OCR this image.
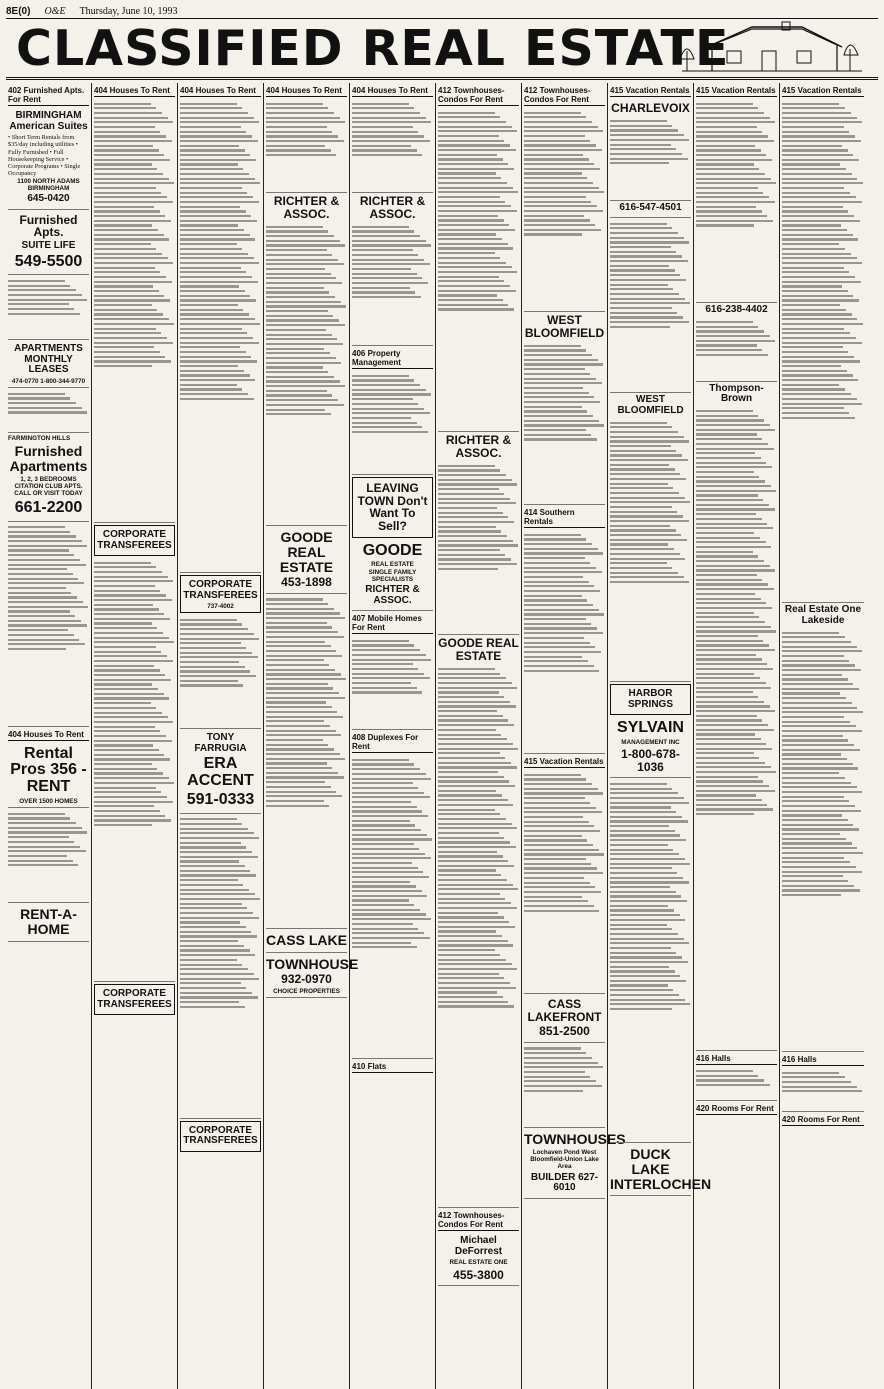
8E(0) O&E Thursday, June 10, 1993
CLASSIFIED REAL ESTATE
402 Furnished Apts. For Rent
BIRMINGHAM American Suites

• Short Term Rentals from $35/day including utilities • Fully Furnished • Full Housekeeping Service • Corporate Programs • Single Occupancy

1100 NORTH ADAMS BIRMINGHAM
645-0420
Furnished Apts.
SUITE LIFE
549-5500
APARTMENTS MONTHLY LEASES
474-0770 1-800-344-9770
FARMINGTON HILLS
Furnished Apartments
1, 2, 3 BEDROOMS
CITATION CLUB APTS. CALL OR VISIT TODAY
661-2200
404 Houses To Rent
Rental Pros 356 - RENT
OVER 1500 HOMES
RENT-A-HOME
404 Houses To Rent
CORPORATE TRANSFEREES
CORPORATE TRANSFEREES
404 Houses To Rent
CORPORATE TRANSFEREES
737-4002
TONY FARRUGIA
ERA ACCENT
591-0333
CORPORATE TRANSFEREES
404 Houses To Rent
RICHTER & ASSOC.
GOODE REAL ESTATE
453-1898
CASS LAKE
TOWNHOUSE
932-0970
CHOICE PROPERTIES
404 Houses To Rent
RICHTER & ASSOC.
406 Property Management
LEAVING TOWN Don't Want To Sell?
GOODE
REAL ESTATE
SINGLE FAMILY SPECIALISTS
RICHTER & ASSOC.
407 Mobile Homes For Rent
408 Duplexes For Rent
410 Flats
412 Townhouses-Condos For Rent
RICHTER & ASSOC.
GOODE REAL ESTATE
412 Townhouses-Condos For Rent
Michael DeForrest
REAL ESTATE ONE
455-3800
412 Townhouses-Condos For Rent
WEST BLOOMFIELD
414 Southern Rentals
415 Vacation Rentals
CASS LAKEFRONT
851-2500
TOWNHOUSES
Lochaven Pond West Bloomfield-Union Lake Area
BUILDER 627-6010
415 Vacation Rentals
CHARLEVOIX
616-547-4501
WEST BLOOMFIELD
HARBOR SPRINGS
SYLVAIN
MANAGEMENT INC
1-800-678-1036
DUCK LAKE INTERLOCHEN
415 Vacation Rentals
616-238-4402
Thompson-Brown
416 Halls
420 Rooms For Rent
415 Vacation Rentals
Real Estate One Lakeside
416 Halls
420 Rooms For Rent
